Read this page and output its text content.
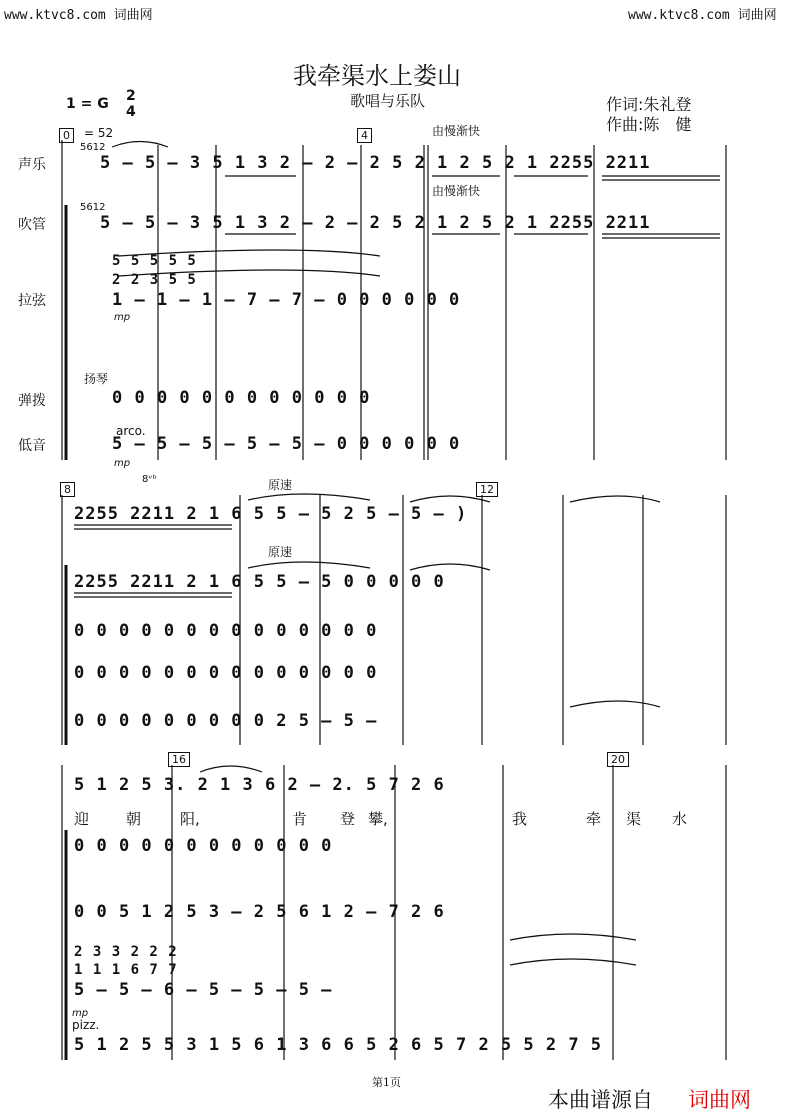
www.ktvc8.com 词曲网	www.ktvc8.com 词曲网
我牵渠水上娄山
歌唱与乐队	作词:朱礼登
作曲:陈　健
1 = G 2
4
= 52
0	4
8	12
16	20
声乐
吹管
拉弦
弹拨
低音
由慢渐快
由慢渐快
原速
原速
扬琴
arco.
mp
mp
mp
pizz.
8ᵛᵇ
5612
5612
5 – 5 – 3 5 1 3 2 – 2 – 2 5 2 1 2 5 2 1 2255 2211
5 – 5 – 3 5 1 3 2 – 2 – 2 5 2 1 2 5 2 1 2255 2211
5 5 5 5 5
2 2 3 5 5
1 – 1 – 1 – 7 – 7 – 0 0 0 0 0 0
0 0 0 0 0 0 0 0 0 0 0 0
5 – 5 – 5 – 5 – 5 – 0 0 0 0 0 0
2255 2211 2 1 6 5 5 – 5 2 5 – 5 – )
2255 2211 2 1 6 5 5 – 5 0 0 0 0 0
0 0 0 0 0 0 0 0 0 0 0 0 0 0
0 0 0 0 0 0 0 0 0 0 0 0 0 0
0 0 0 0 0 0 0 0 0 2 5 – 5 –
5 1 2 5 3. 2 1 3 6 2 – 2. 5 7 2 6
迎 朝	阳,	肯 登 攀,	我	牵 渠 水
0 0 0 0 0 0 0 0 0 0 0 0
0 0 5 1 2 5 3 – 2 5 6 1 2 – 7 2 6
2 3 3 2 2 2
1 1 1 6 7 7
5 – 5 – 6 – 5 – 5 – 5 –
5 1 2 5 5 3 1 5 6 1 3 6 6 5 2 6 5 7 2 5 5 2 7 5
第1页
本曲谱源自 词曲网
